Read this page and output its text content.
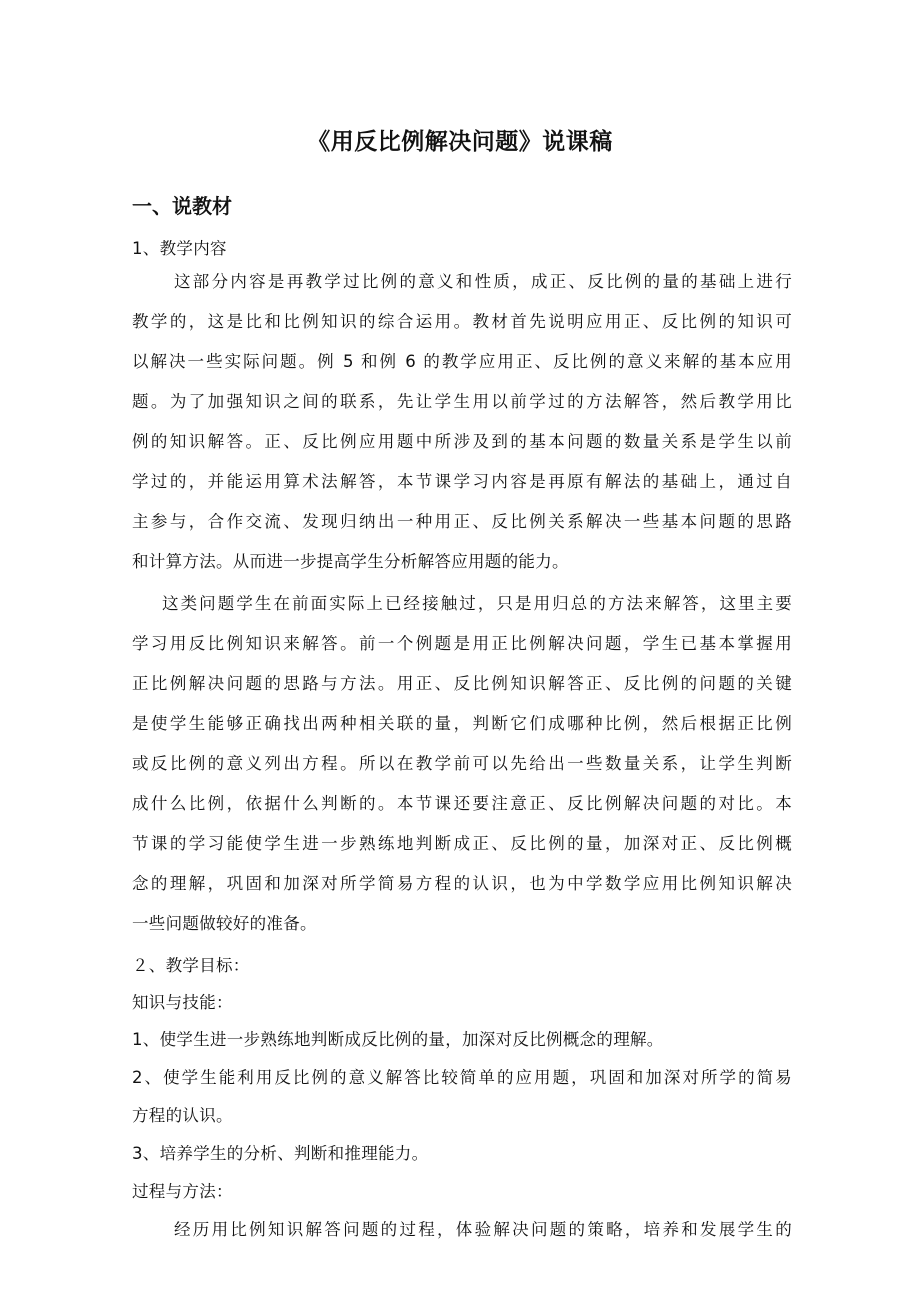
《用反比例解决问题》说课稿
一、说教材
1、教学内容
这部分内容是再教学过比例的意义和性质，成正、反比例的量的基础上进行
教学的，这是比和比例知识的综合运用。教材首先说明应用正、反比例的知识可
以解决一些实际问题。例 5 和例 6 的教学应用正、反比例的意义来解的基本应用
题。为了加强知识之间的联系，先让学生用以前学过的方法解答，然后教学用比
例的知识解答。正、反比例应用题中所涉及到的基本问题的数量关系是学生以前
学过的，并能运用算术法解答，本节课学习内容是再原有解法的基础上，通过自
主参与，合作交流、发现归纳出一种用正、反比例关系解决一些基本问题的思路
和计算方法。从而进一步提高学生分析解答应用题的能力。
这类问题学生在前面实际上已经接触过，只是用归总的方法来解答，这里主要
学习用反比例知识来解答。前一个例题是用正比例解决问题，学生已基本掌握用
正比例解决问题的思路与方法。用正、反比例知识解答正、反比例的问题的关键
是使学生能够正确找出两种相关联的量，判断它们成哪种比例，然后根据正比例
或反比例的意义列出方程。所以在教学前可以先给出一些数量关系，让学生判断
成什么比例，依据什么判断的。本节课还要注意正、反比例解决问题的对比。本
节课的学习能使学生进一步熟练地判断成正、反比例的量，加深对正、反比例概
念的理解，巩固和加深对所学简易方程的认识，也为中学数学应用比例知识解决
一些问题做较好的准备。
２、教学目标：
知识与技能：
1、使学生进一步熟练地判断成反比例的量，加深对反比例概念的理解。
2、使学生能利用反比例的意义解答比较简单的应用题，巩固和加深对所学的简易
方程的认识。
3、培养学生的分析、判断和推理能力。
过程与方法：
经历用比例知识解答问题的过程，体验解决问题的策略，培养和发展学生的
